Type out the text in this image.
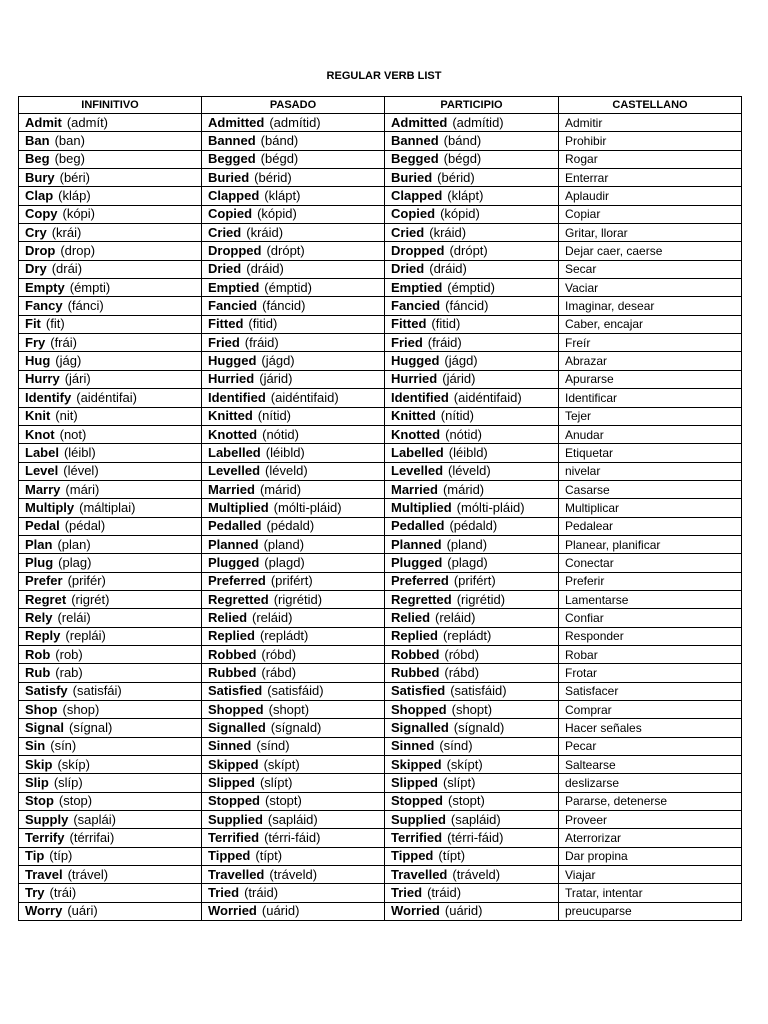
REGULAR VERB LIST
INFINITIVO	PASADO	PARTICIPIO	CASTELLANO
Admit (admít)	Admitted (admítid)	Admitted (admítid)	Admitir
Ban (ban)	Banned (bánd)	Banned (bánd)	Prohibir
Beg (beg)	Begged (bégd)	Begged (bégd)	Rogar
Bury (béri)	Buried (bérid)	Buried (bérid)	Enterrar
Clap (kláp)	Clapped (klápt)	Clapped (klápt)	Aplaudir
Copy (kópi)	Copied (kópid)	Copied (kópid)	Copiar
Cry (krái)	Cried (kráid)	Cried (kráid)	Gritar, llorar
Drop (drop)	Dropped (drópt)	Dropped (drópt)	Dejar caer, caerse
Dry (drái)	Dried (dráid)	Dried (dráid)	Secar
Empty (émpti)	Emptied (émptid)	Emptied (émptid)	Vaciar
Fancy (fánci)	Fancied (fáncid)	Fancied (fáncid)	Imaginar, desear
Fit (fit)	Fitted (fitid)	Fitted (fitid)	Caber, encajar
Fry (frái)	Fried (fráid)	Fried (fráid)	Freír
Hug (jág)	Hugged (jágd)	Hugged (jágd)	Abrazar
Hurry (jári)	Hurried (járid)	Hurried (járid)	Apurarse
Identify (aidéntifai)	Identified (aidéntifaid)	Identified (aidéntifaid)	Identificar
Knit (nit)	Knitted (nítid)	Knitted (nítid)	Tejer
Knot (not)	Knotted (nótid)	Knotted (nótid)	Anudar
Label (léibl)	Labelled (léibld)	Labelled (léibld)	Etiquetar
Level (lével)	Levelled (léveld)	Levelled (léveld)	nivelar
Marry (mári)	Married (márid)	Married (márid)	Casarse
Multiply (máltiplai)	Multiplied (mólti-pláid)	Multiplied (mólti-pláid)	Multiplicar
Pedal (pédal)	Pedalled (pédald)	Pedalled (pédald)	Pedalear
Plan (plan)	Planned (pland)	Planned (pland)	Planear, planificar
Plug (plag)	Plugged (plagd)	Plugged (plagd)	Conectar
Prefer (prifér)	Preferred (prifért)	Preferred (prifért)	Preferir
Regret (rigrét)	Regretted (rigrétid)	Regretted (rigrétid)	Lamentarse
Rely (relái)	Relied (reláid)	Relied (reláid)	Confiar
Reply (replái)	Replied (repládt)	Replied (repládt)	Responder
Rob (rob)	Robbed (róbd)	Robbed (róbd)	Robar
Rub (rab)	Rubbed (rábd)	Rubbed (rábd)	Frotar
Satisfy (satisfái)	Satisfied (satisfáid)	Satisfied (satisfáid)	Satisfacer
Shop (shop)	Shopped (shopt)	Shopped (shopt)	Comprar
Signal (sígnal)	Signalled (sígnald)	Signalled (sígnald)	Hacer señales
Sin (sín)	Sinned (sínd)	Sinned (sínd)	Pecar
Skip (skíp)	Skipped (skípt)	Skipped (skípt)	Saltearse
Slip (slíp)	Slipped (slípt)	Slipped (slípt)	deslizarse
Stop (stop)	Stopped (stopt)	Stopped (stopt)	Pararse, detenerse
Supply (saplái)	Supplied (sapláid)	Supplied (sapláid)	Proveer
Terrify (térrifai)	Terrified (térri-fáid)	Terrified (térri-fáid)	Aterrorizar
Tip (típ)	Tipped (típt)	Tipped (típt)	Dar propina
Travel (trável)	Travelled (tráveld)	Travelled (tráveld)	Viajar
Try (trái)	Tried (tráid)	Tried (tráid)	Tratar, intentar
Worry (uári)	Worried (uárid)	Worried (uárid)	preucuparse
